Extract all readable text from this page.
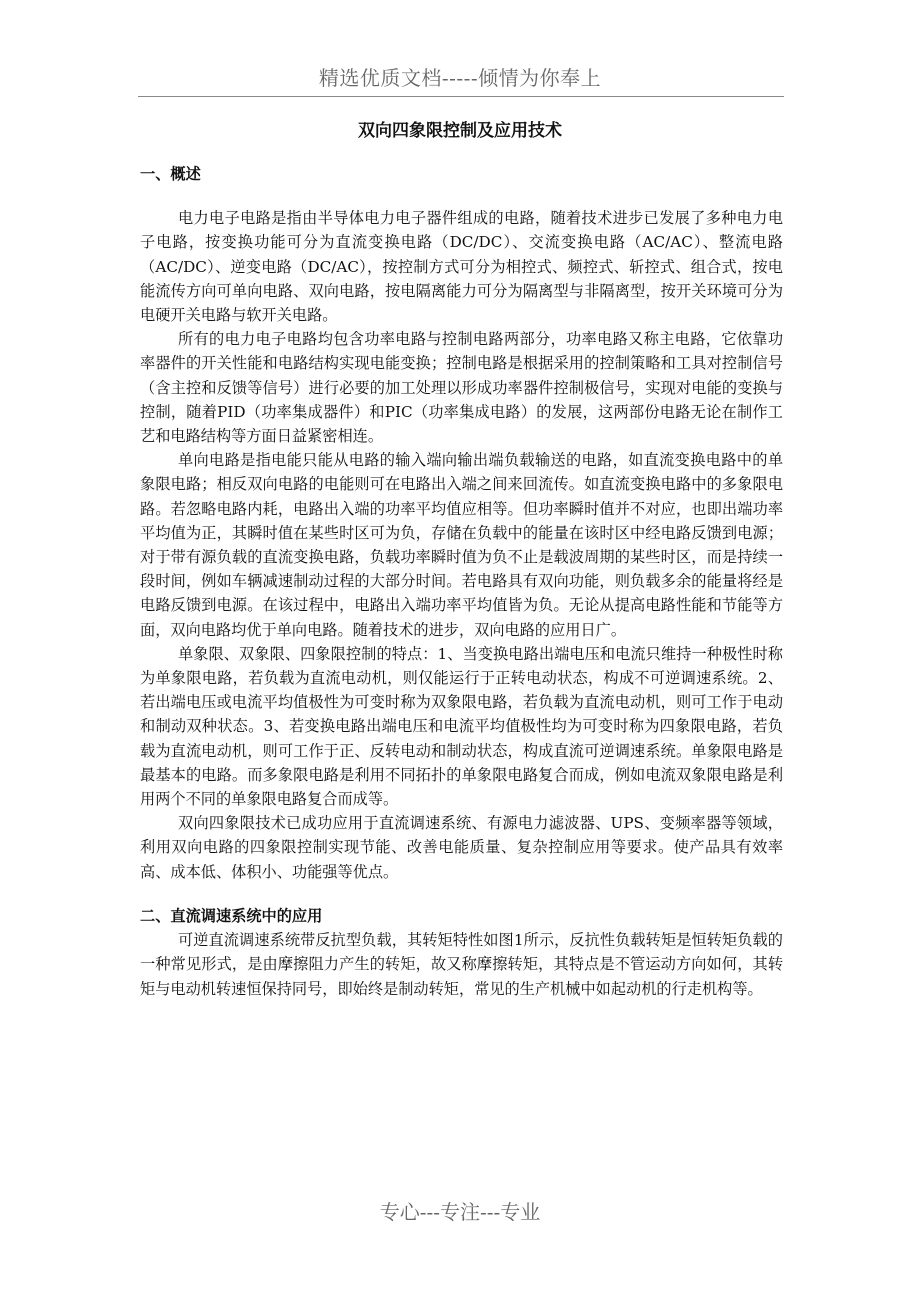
精选优质文档-----倾情为你奉上
双向四象限控制及应用技术
一、概述

电力电子电路是指由半导体电力电子器件组成的电路，随着技术进步已发展了多种电力电子电路，按变换功能可分为直流变换电路（DC/DC）、交流变换电路（AC/AC）、整流电路（AC/DC）、逆变电路（DC/AC），按控制方式可分为相控式、频控式、斩控式、组合式，按电能流传方向可单向电路、双向电路，按电隔离能力可分为隔离型与非隔离型，按开关环境可分为电硬开关电路与软开关电路。

所有的电力电子电路均包含功率电路与控制电路两部分，功率电路又称主电路，它依靠功率器件的开关性能和电路结构实现电能变换；控制电路是根据采用的控制策略和工具对控制信号（含主控和反馈等信号）进行必要的加工处理以形成功率器件控制极信号，实现对电能的变换与控制，随着PID（功率集成器件）和PIC（功率集成电路）的发展，这两部份电路无论在制作工艺和电路结构等方面日益紧密相连。

单向电路是指电能只能从电路的输入端向输出端负载输送的电路，如直流变换电路中的单象限电路；相反双向电路的电能则可在电路出入端之间来回流传。如直流变换电路中的多象限电路。若忽略电路内耗，电路出入端的功率平均值应相等。但功率瞬时值并不对应，也即出端功率平均值为正，其瞬时值在某些时区可为负，存储在负载中的能量在该时区中经电路反馈到电源；对于带有源负载的直流变换电路，负载功率瞬时值为负不止是载波周期的某些时区，而是持续一段时间，例如车辆减速制动过程的大部分时间。若电路具有双向功能，则负载多余的能量将经是电路反馈到电源。在该过程中，电路出入端功率平均值皆为负。无论从提高电路性能和节能等方面，双向电路均优于单向电路。随着技术的进步，双向电路的应用日广。

单象限、双象限、四象限控制的特点：1、当变换电路出端电压和电流只维持一种极性时称为单象限电路，若负载为直流电动机，则仅能运行于正转电动状态，构成不可逆调速系统。2、若出端电压或电流平均值极性为可变时称为双象限电路，若负载为直流电动机，则可工作于电动和制动双种状态。3、若变换电路出端电压和电流平均值极性均为可变时称为四象限电路，若负载为直流电动机，则可工作于正、反转电动和制动状态，构成直流可逆调速系统。单象限电路是最基本的电路。而多象限电路是利用不同拓扑的单象限电路复合而成，例如电流双象限电路是利用两个不同的单象限电路复合而成等。

双向四象限技术已成功应用于直流调速系统、有源电力滤波器、UPS、变频率器等领域，利用双向电路的四象限控制实现节能、改善电能质量、复杂控制应用等要求。使产品具有效率高、成本低、体积小、功能强等优点。

二、直流调速系统中的应用

可逆直流调速系统带反抗型负载，其转矩特性如图1所示，反抗性负载转矩是恒转矩负载的一种常见形式，是由摩擦阻力产生的转矩，故又称摩擦转矩，其特点是不管运动方向如何，其转矩与电动机转速恒保持同号，即始终是制动转矩，常见的生产机械中如起动机的行走机构等。

专心---专注---专业
